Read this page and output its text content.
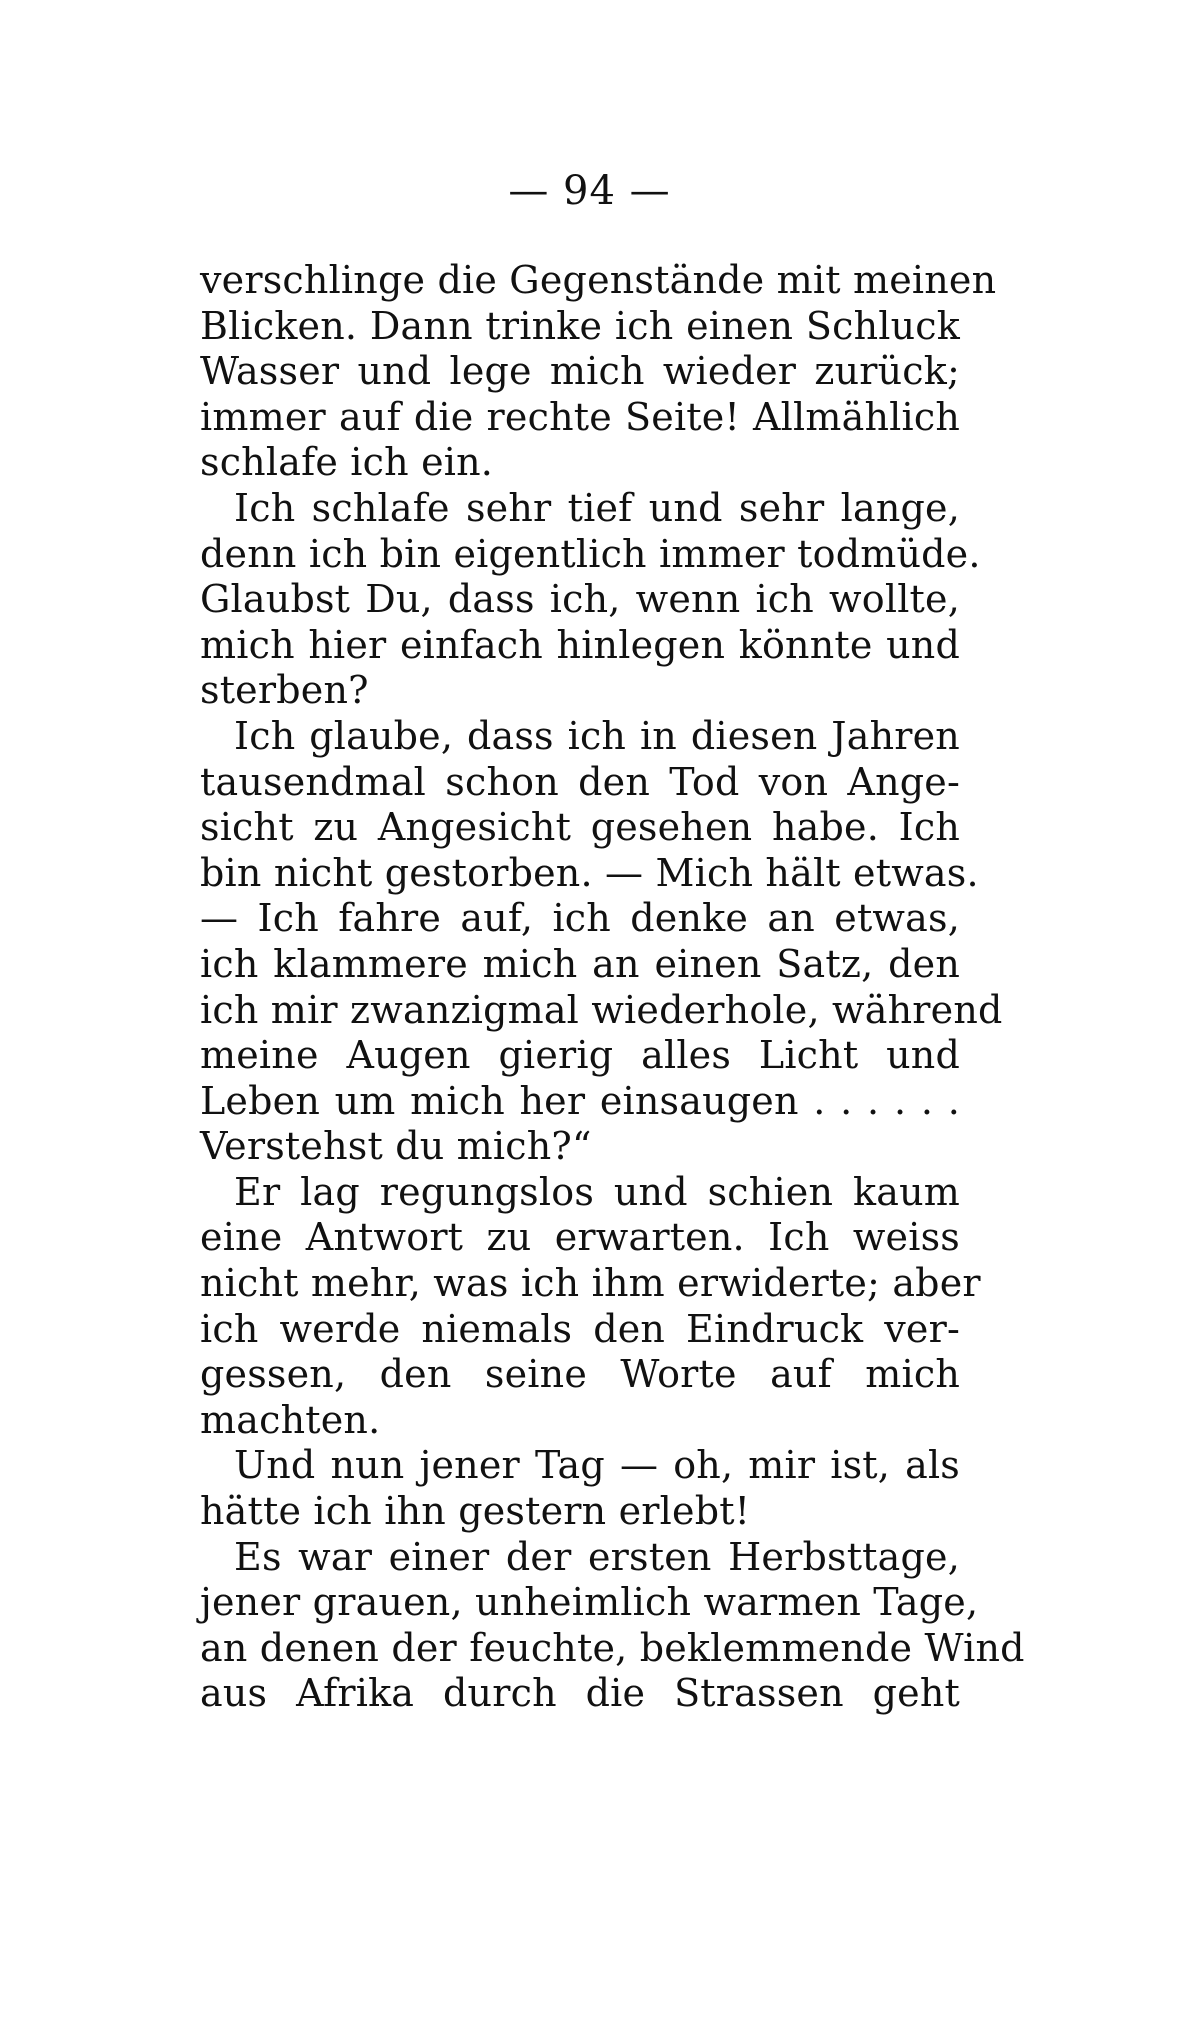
— 94 —
verschlinge die Gegenstände mit meinen
Blicken. Dann trinke ich einen Schluck
Wasser und lege mich wieder zurück;
immer auf die rechte Seite! Allmählich
schlafe ich ein.
Ich schlafe sehr tief und sehr lange,
denn ich bin eigentlich immer todmüde.
Glaubst Du, dass ich, wenn ich wollte,
mich hier einfach hinlegen könnte und
sterben?
Ich glaube, dass ich in diesen Jahren
tausendmal schon den Tod von Ange-
sicht zu Angesicht gesehen habe. Ich
bin nicht gestorben. — Mich hält etwas.
— Ich fahre auf, ich denke an etwas,
ich klammere mich an einen Satz, den
ich mir zwanzigmal wiederhole, während
meine Augen gierig alles Licht und
Leben um mich her einsaugen . . . . . .
Verstehst du mich?“
Er lag regungslos und schien kaum
eine Antwort zu erwarten. Ich weiss
nicht mehr, was ich ihm erwiderte; aber
ich werde niemals den Eindruck ver-
gessen, den seine Worte auf mich
machten.
Und nun jener Tag — oh, mir ist, als
hätte ich ihn gestern erlebt!
Es war einer der ersten Herbsttage,
jener grauen, unheimlich warmen Tage,
an denen der feuchte, beklemmende Wind
aus Afrika durch die Strassen geht
